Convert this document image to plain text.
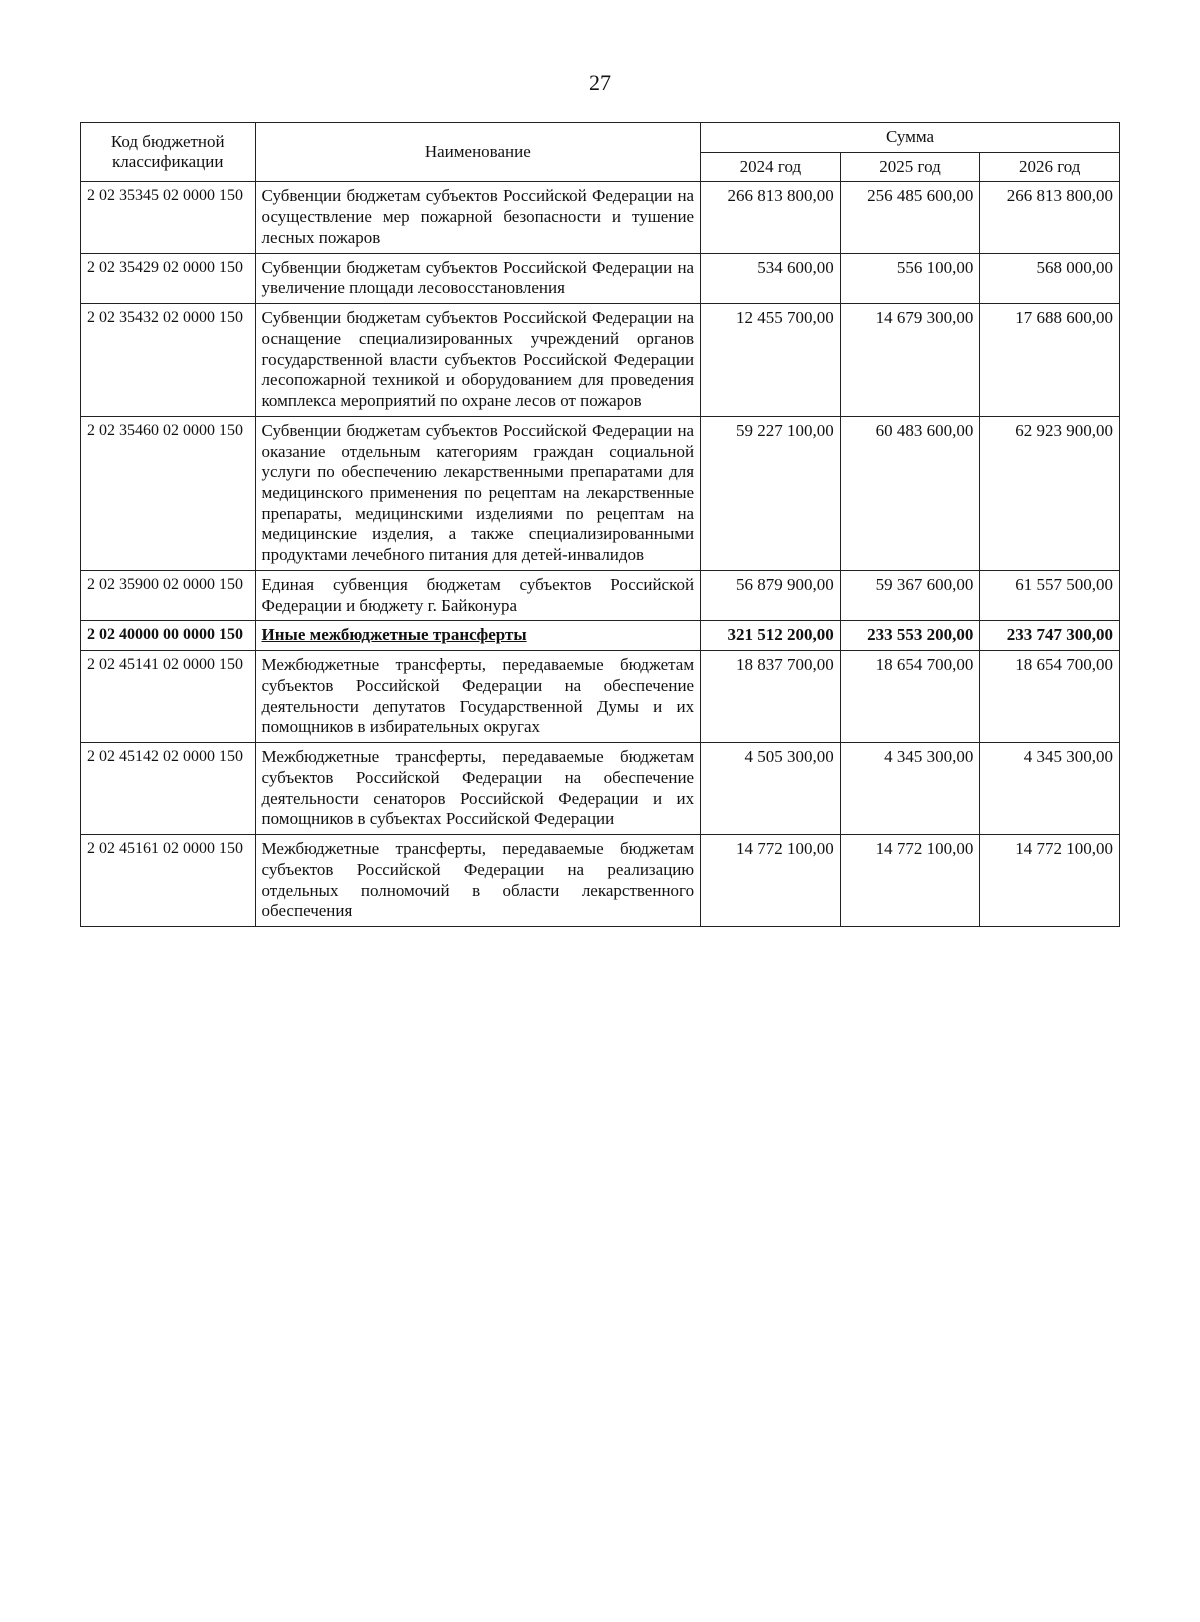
27
Код бюджетной классификации	Наименование	Сумма		
		2024 год	2025 год	2026 год
2 02 35345 02 0000 150	Субвенции бюджетам субъектов Российской Федерации на осуществление мер пожарной безопасности и тушение лесных пожаров	266 813 800,00	256 485 600,00	266 813 800,00
2 02 35429 02 0000 150	Субвенции бюджетам субъектов Российской Федерации на увеличение площади лесовосстановления	534 600,00	556 100,00	568 000,00
2 02 35432 02 0000 150	Субвенции бюджетам субъектов Российской Федерации на оснащение специализированных учреждений органов государственной власти субъектов Российской Федерации лесопожарной техникой и оборудованием для проведения комплекса мероприятий по охране лесов от пожаров	12 455 700,00	14 679 300,00	17 688 600,00
2 02 35460 02 0000 150	Субвенции бюджетам субъектов Российской Федерации на оказание отдельным категориям граждан социальной услуги по обеспечению лекарственными препаратами для медицинского применения по рецептам на лекарственные препараты, медицинскими изделиями по рецептам на медицинские изделия, а также специализированными продуктами лечебного питания для детей-инвалидов	59 227 100,00	60 483 600,00	62 923 900,00
2 02 35900 02 0000 150	Единая субвенция бюджетам субъектов Российской Федерации и бюджету г. Байконура	56 879 900,00	59 367 600,00	61 557 500,00
2 02 40000 00 0000 150	Иные межбюджетные трансферты	321 512 200,00	233 553 200,00	233 747 300,00
2 02 45141 02 0000 150	Межбюджетные трансферты, передаваемые бюджетам субъектов Российской Федерации на обеспечение деятельности депутатов Государственной Думы и их помощников в избирательных округах	18 837 700,00	18 654 700,00	18 654 700,00
2 02 45142 02 0000 150	Межбюджетные трансферты, передаваемые бюджетам субъектов Российской Федерации на обеспечение деятельности сенаторов Российской Федерации и их помощников в субъектах Российской Федерации	4 505 300,00	4 345 300,00	4 345 300,00
2 02 45161 02 0000 150	Межбюджетные трансферты, передаваемые бюджетам субъектов Российской Федерации на реализацию отдельных полномочий в области лекарственного обеспечения	14 772 100,00	14 772 100,00	14 772 100,00
